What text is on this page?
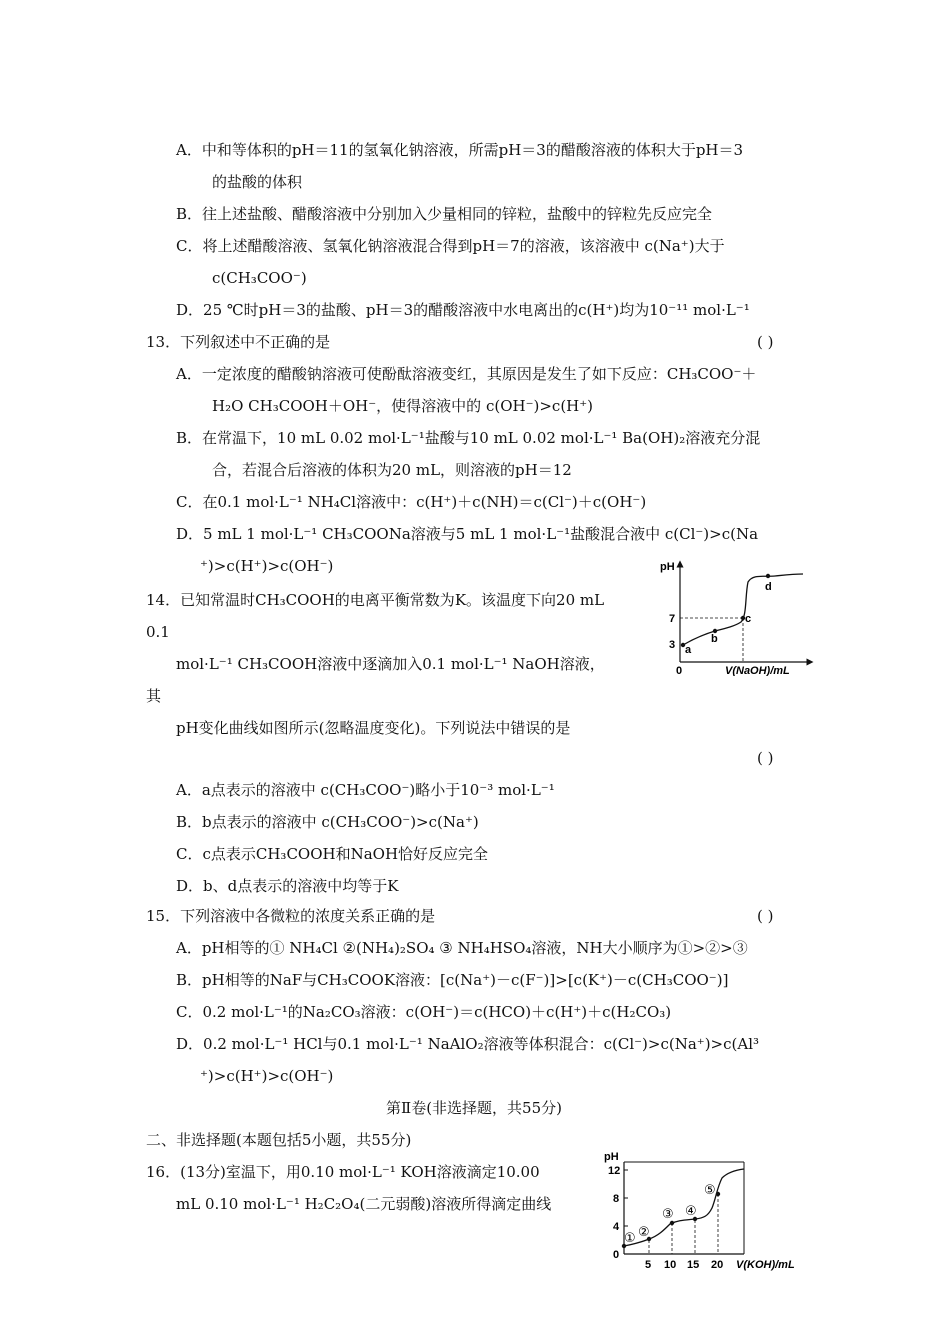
A．中和等体积的pH＝11的氢氧化钠溶液，所需pH＝3的醋酸溶液的体积大于pH＝3
的盐酸的体积
B．往上述盐酸、醋酸溶液中分别加入少量相同的锌粒，盐酸中的锌粒先反应完全
C．将上述醋酸溶液、氢氧化钠溶液混合得到pH＝7的溶液，该溶液中 c(Na⁺)大于
c(CH₃COO⁻)
D．25 ℃时pH＝3的盐酸、pH＝3的醋酸溶液中水电离出的c(H⁺)均为10⁻¹¹ mol·L⁻¹
13．下列叙述中不正确的是	( )
A．一定浓度的醋酸钠溶液可使酚酞溶液变红，其原因是发生了如下反应：CH₃COO⁻＋
H₂O CH₃COOH＋OH⁻，使得溶液中的 c(OH⁻)>c(H⁺)
B．在常温下，10 mL 0.02 mol·L⁻¹盐酸与10 mL 0.02 mol·L⁻¹ Ba(OH)₂溶液充分混
合，若混合后溶液的体积为20 mL，则溶液的pH＝12
C．在0.1 mol·L⁻¹ NH₄Cl溶液中：c(H⁺)＋c(NH)＝c(Cl⁻)＋c(OH⁻)
D．5 mL 1 mol·L⁻¹ CH₃COONa溶液与5 mL 1 mol·L⁻¹盐酸混合液中 c(Cl⁻)>c(Na
⁺)>c(H⁺)>c(OH⁻)
14．已知常温时CH₃COOH的电离平衡常数为K。该温度下向20 mL
0.1
mol·L⁻¹ CH₃COOH溶液中逐滴加入0.1 mol·L⁻¹ NaOH溶液，
其
pH变化曲线如图所示(忽略温度变化)。下列说法中错误的是
( )
A．a点表示的溶液中 c(CH₃COO⁻)略小于10⁻³ mol·L⁻¹
B．b点表示的溶液中 c(CH₃COO⁻)>c(Na⁺)
C．c点表示CH₃COOH和NaOH恰好反应完全
D．b、d点表示的溶液中均等于K
pH
V(NaOH)/mL
0
7
3 a
b
c
d
15．下列溶液中各微粒的浓度关系正确的是	( )
A．pH相等的① NH₄Cl ②(NH₄)₂SO₄ ③ NH₄HSO₄溶液，NH大小顺序为①>②>③
B．pH相等的NaF与CH₃COOK溶液：[c(Na⁺)－c(F⁻)]>[c(K⁺)－c(CH₃COO⁻)]
C．0.2 mol·L⁻¹的Na₂CO₃溶液：c(OH⁻)＝c(HCO)＋c(H⁺)＋c(H₂CO₃)
D．0.2 mol·L⁻¹ HCl与0.1 mol·L⁻¹ NaAlO₂溶液等体积混合：c(Cl⁻)>c(Na⁺)>c(Al³
⁺)>c(H⁺)>c(OH⁻)
第Ⅱ卷(非选择题，共55分)
二、非选择题(本题包括5小题，共55分)
16．(13分)室温下，用0.10 mol·L⁻¹ KOH溶液滴定10.00
mL 0.10 mol·L⁻¹ H₂C₂O₄(二元弱酸)溶液所得滴定曲线
pH
12
8
4
0
5 10 15 20 V(KOH)/mL
① ②
③ ④
⑤
